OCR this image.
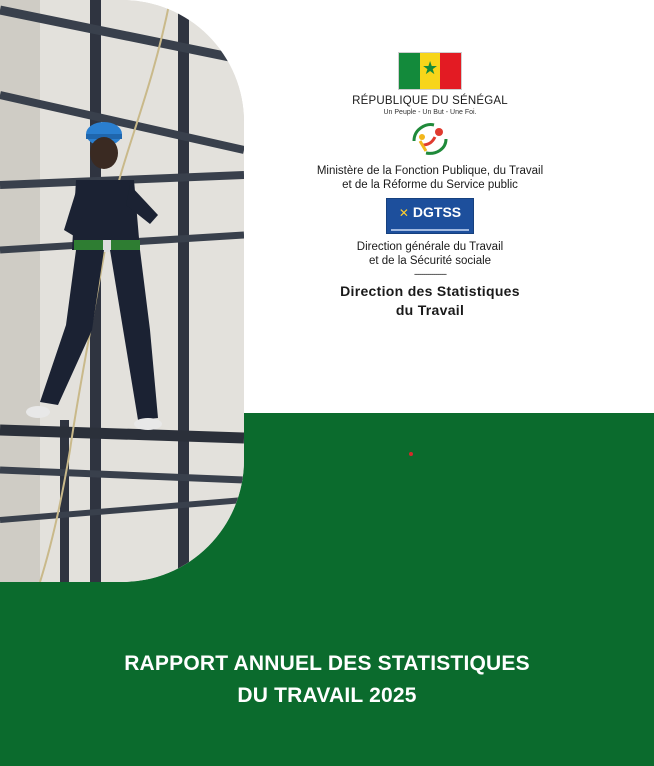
★
RÉPUBLIQUE DU SÉNÉGAL
Un Peuple - Un But - Une Foi.
Ministère de la Fonction Publique, du Travail
et de la Réforme du Service public
✕ DGTSS
Direction générale du Travail
et de la Sécurité sociale
----------------
Direction des Statistiques
du Travail
RAPPORT ANNUEL DES STATISTIQUES
DU TRAVAIL 2025
